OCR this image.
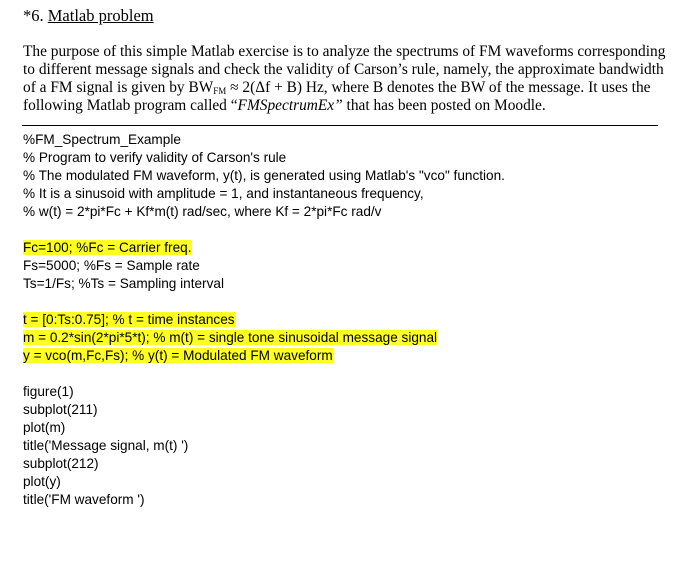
*6. Matlab problem
The purpose of this simple Matlab exercise is to analyze the spectrums of FM waveforms corresponding
to different message signals and check the validity of Carson’s rule, namely, the approximate bandwidth
of a FM signal is given by $BW_{FM} \approx 2(\Delta f + B)$ Hz, where B denotes the BW of the message. It uses the
following Matlab program called “FMSpectrumEx” that has been posted on Moodle.
%FM_Spectrum_Example
% Program to verify validity of Carson's rule
% The modulated FM waveform, y(t), is generated using Matlab's "vco" function.
% It is a sinusoid with amplitude = 1, and instantaneous frequency,
% w(t) = 2*pi*Fc + Kf*m(t) rad/sec, where Kf = 2*pi*Fc rad/v
Fc=100; %Fc = Carrier freq.
Fs=5000; %Fs = Sample rate
Ts=1/Fs; %Ts = Sampling interval
t = [0:Ts:0.75]; % t = time instances
m = 0.2*sin(2*pi*5*t); % m(t) = single tone sinusoidal message signal
y = vco(m,Fc,Fs); % y(t) = Modulated FM waveform
figure(1)
subplot(211)
plot(m)
title('Message signal, m(t) ')
subplot(212)
plot(y)
title('FM waveform ')
